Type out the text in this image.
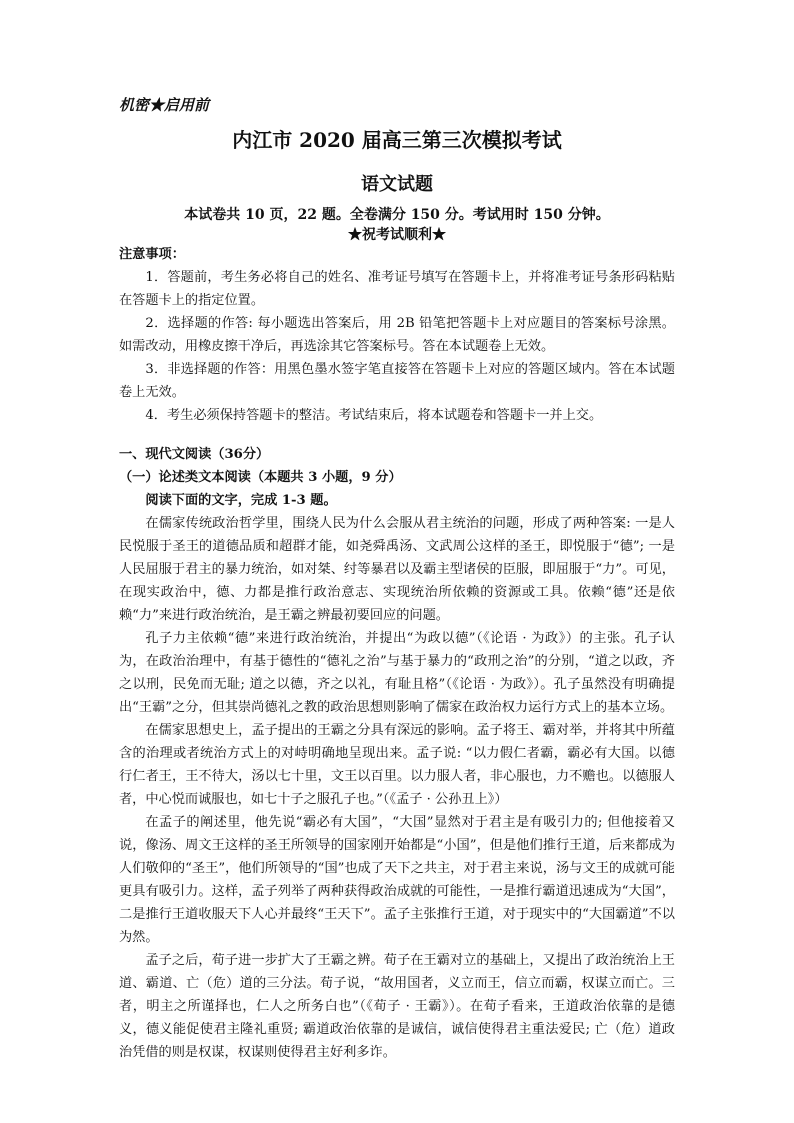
机密★启用前
内江市 2020 届高三第三次模拟考试
语文试题
本试卷共 10 页，22 题。全卷满分 150 分。考试用时 150 分钟。
★祝考试顺利★

注意事项：

1．答题前，考生务必将自己的姓名、准考证号填写在答题卡上，并将准考证号条形码粘贴在答题卡上的指定位置。

2．选择题的作答: 每小题选出答案后，用 2B 铅笔把答题卡上对应题目的答案标号涂黑。如需改动，用橡皮擦干净后，再选涂其它答案标号。答在本试题卷上无效。

3．非选择题的作答：用黑色墨水签字笔直接答在答题卡上对应的答题区域内。答在本试题卷上无效。

4．考生必须保持答题卡的整洁。考试结束后，将本试题卷和答题卡一并上交。

一、现代文阅读（36分）

（一）论述类文本阅读（本题共 3 小题，9 分）

阅读下面的文字，完成 1-3 题。

在儒家传统政治哲学里，围绕人民为什么会服从君主统治的问题，形成了两种答案: 一是人民悦服于圣王的道德品质和超群才能，如尧舜禹汤、文武周公这样的圣王，即悦服于“德”; 一是人民屈服于君主的暴力统治，如对桀、纣等暴君以及霸主型诸侯的臣服，即屈服于“力”。可见，在现实政治中，德、力都是推行政治意志、实现统治所依赖的资源或工具。依赖“德”还是依赖“力”来进行政治统治，是王霸之辨最初要回应的问题。

孔子力主依赖“德”来进行政治统治，并提出“为政以德”（《论语 · 为政》）的主张。孔子认为，在政治治理中，有基于德性的“德礼之治”与基于暴力的“政刑之治”的分别，“道之以政，齐之以刑，民免而无耻; 道之以德，齐之以礼，有耻且格”（《论语 · 为政》）。孔子虽然没有明确提出“王霸”之分，但其崇尚德礼之教的政治思想则影响了儒家在政治权力运行方式上的基本立场。

在儒家思想史上，孟子提出的王霸之分具有深远的影响。孟子将王、霸对举，并将其中所蕴含的治理或者统治方式上的对峙明确地呈现出来。孟子说: “以力假仁者霸，霸必有大国。以德行仁者王，王不待大，汤以七十里，文王以百里。以力服人者，非心服也，力不赡也。以德服人者，中心悦而诚服也，如七十子之服孔子也。”（《孟子 · 公孙丑上》）

在孟子的阐述里，他先说“霸必有大国”，“大国”显然对于君主是有吸引力的; 但他接着又说，像汤、周文王这样的圣王所领导的国家刚开始都是“小国”，但是他们推行王道，后来都成为人们敬仰的“圣王”，他们所领导的“国”也成了天下之共主，对于君主来说，汤与文王的成就可能更具有吸引力。这样，孟子列举了两种获得政治成就的可能性，一是推行霸道迅速成为“大国”，二是推行王道收服天下人心并最终“王天下”。孟子主张推行王道，对于现实中的“大国霸道”不以为然。

孟子之后，荀子进一步扩大了王霸之辨。荀子在王霸对立的基础上，又提出了政治统治上王道、霸道、亡（危）道的三分法。荀子说，“故用国者，义立而王，信立而霸，权谋立而亡。三者，明主之所谨择也，仁人之所务白也”（《荀子 · 王霸》）。在荀子看来，王道政治依靠的是德义，德义能促使君主隆礼重贤; 霸道政治依靠的是诚信，诚信使得君主重法爱民; 亡（危）道政治凭借的则是权谋，权谋则使得君主好利多诈。
